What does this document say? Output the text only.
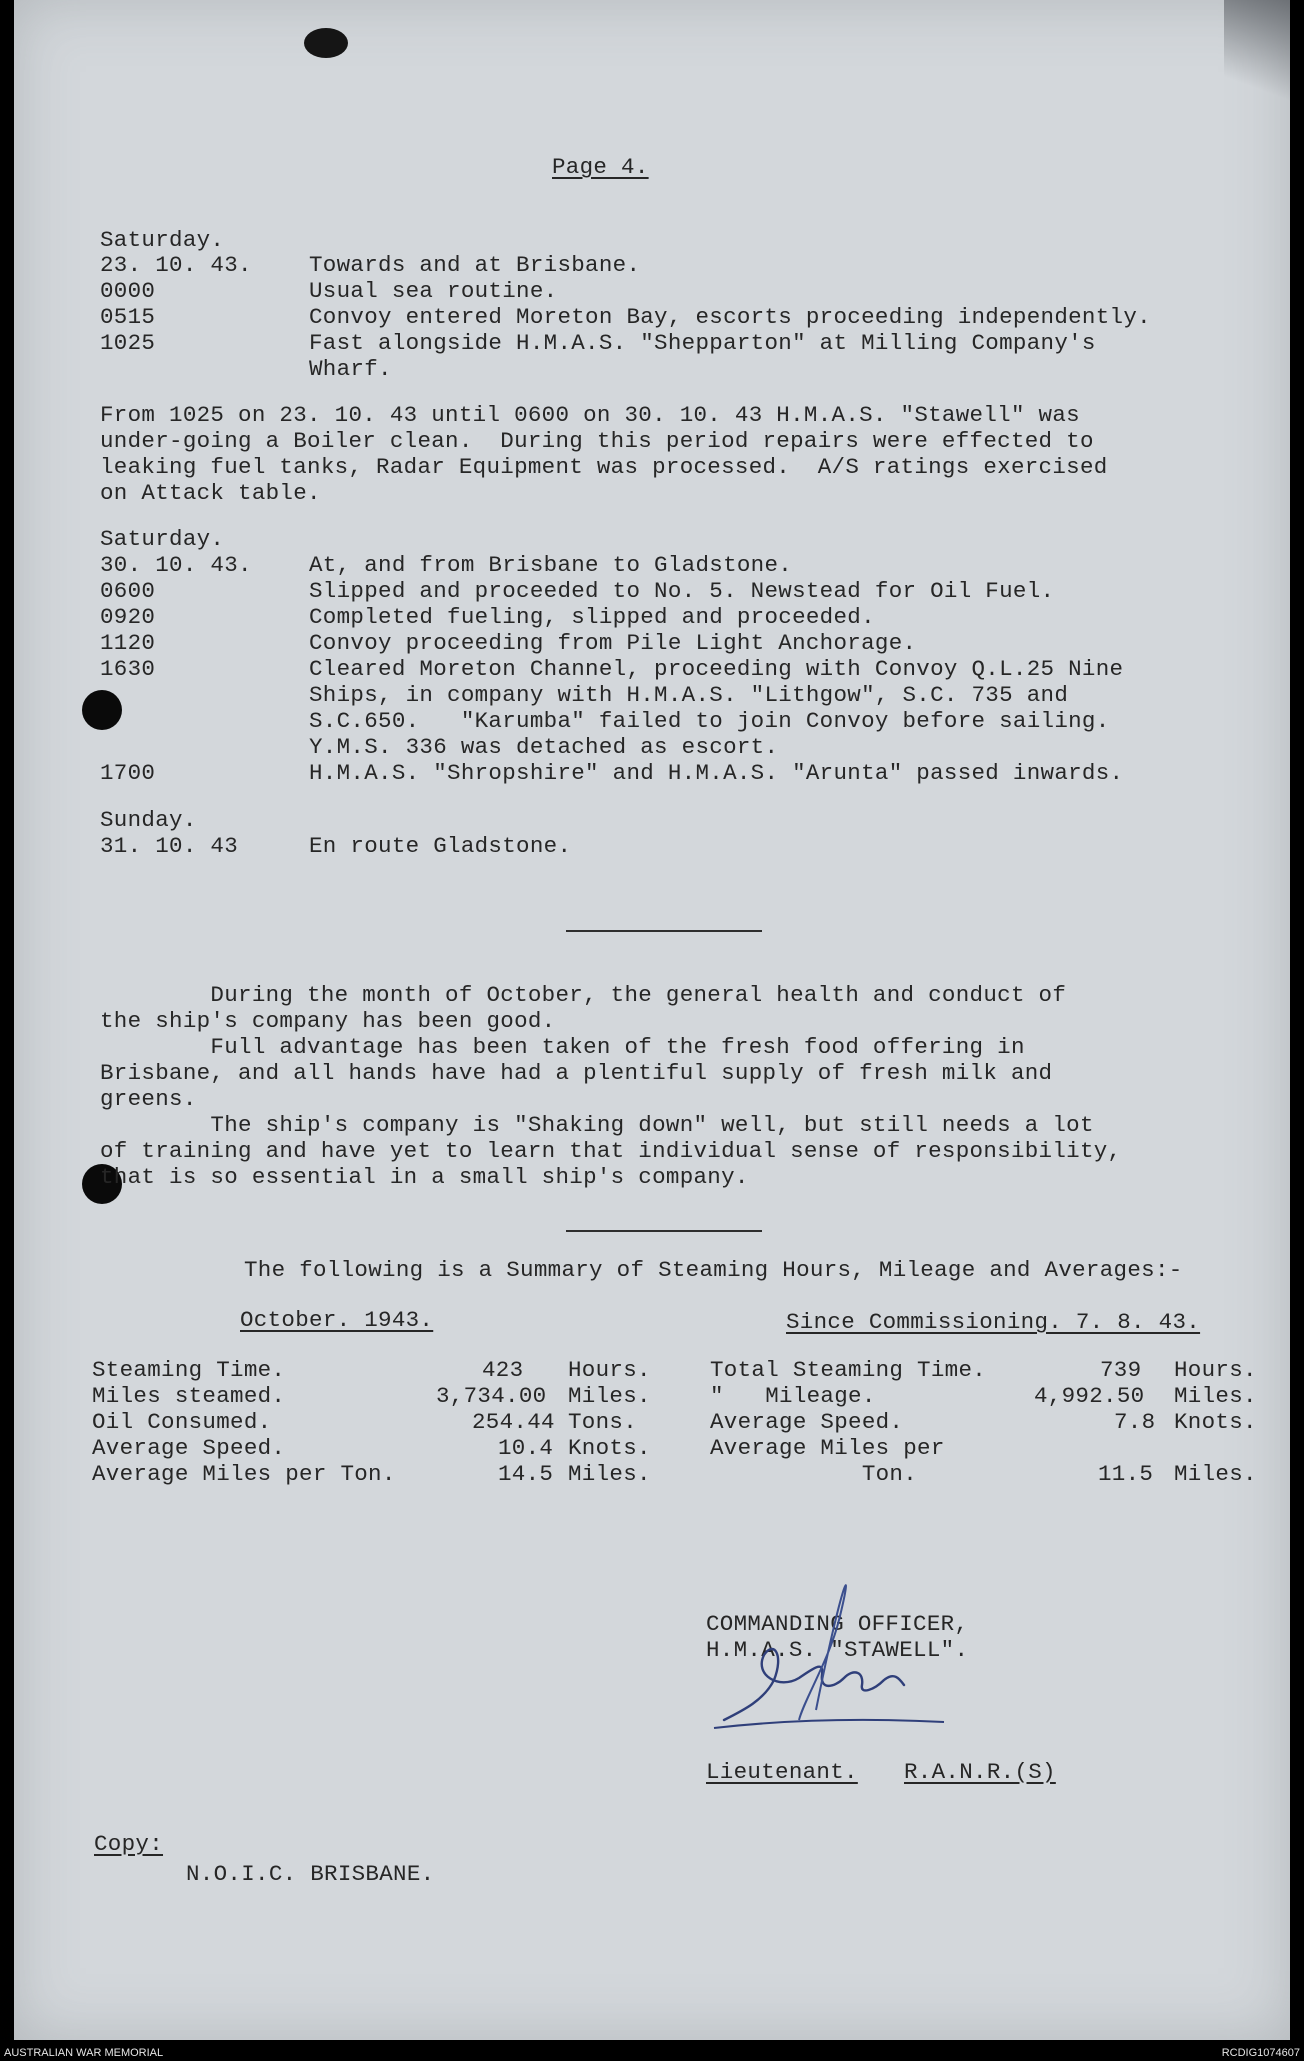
Page 4.
Saturday.
23. 10. 43.	Towards and at Brisbane.
0000	Usual sea routine.
0515	Convoy entered Moreton Bay, escorts proceeding independently.
1025	Fast alongside H.M.A.S. "Shepparton" at Milling Company's
Wharf.
From 1025 on 23. 10. 43 until 0600 on 30. 10. 43 H.M.A.S. "Stawell" was
under-going a Boiler clean.  During this period repairs were effected to
leaking fuel tanks, Radar Equipment was processed.  A/S ratings exercised
on Attack table.
Saturday.
30. 10. 43.	At, and from Brisbane to Gladstone.
0600	Slipped and proceeded to No. 5. Newstead for Oil Fuel.
0920	Completed fueling, slipped and proceeded.
1120	Convoy proceeding from Pile Light Anchorage.
1630	Cleared Moreton Channel, proceeding with Convoy Q.L.25 Nine
Ships, in company with H.M.A.S. "Lithgow", S.C. 735 and
S.C.650.   "Karumba" failed to join Convoy before sailing.
Y.M.S. 336 was detached as escort.
1700	H.M.A.S. "Shropshire" and H.M.A.S. "Arunta" passed inwards.
Sunday.
31. 10. 43	En route Gladstone.
During the month of October, the general health and conduct of
the ship's company has been good.
Full advantage has been taken of the fresh food offering in
Brisbane, and all hands have had a plentiful supply of fresh milk and
greens.
The ship's company is "Shaking down" well, but still needs a lot
of training and have yet to learn that individual sense of responsibility,
that is so essential in a small ship's company.
The following is a Summary of Steaming Hours, Mileage and Averages:-
October. 1943.	Since Commissioning. 7. 8. 43.
Steaming Time.	423 Hours.
Miles steamed.	3,734.00 Miles.
Oil Consumed.	254.44 Tons.
Average Speed.	10.4 Knots.
Average Miles per Ton.	14.5 Miles.
Total Steaming Time.	739 Hours.
"   Mileage.	4,992.50 Miles.
Average Speed.	7.8 Knots.
Average Miles per
Ton.	11.5 Miles.
COMMANDING OFFICER,
H.M.A.S. "STAWELL".
Lieutenant. R.A.N.R.(S)
Copy:
N.O.I.C. BRISBANE.
AUSTRALIAN WAR MEMORIAL	RCDIG1074607
